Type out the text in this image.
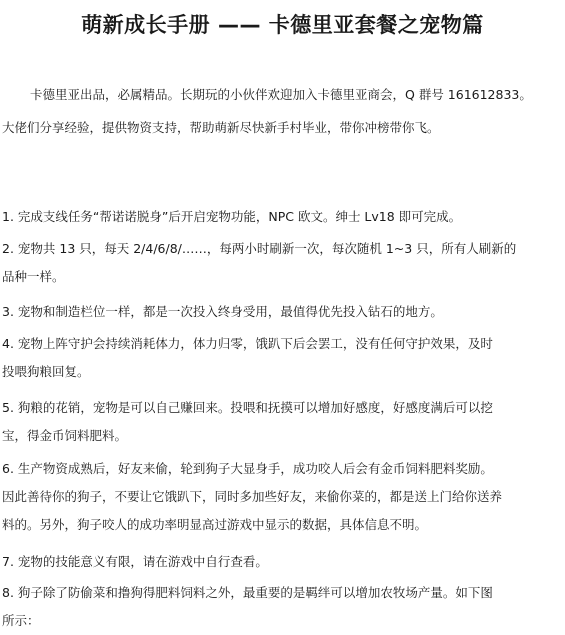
萌新成长手册 —— 卡德里亚套餐之宠物篇
卡德里亚出品，必属精品。长期玩的小伙伴欢迎加入卡德里亚商会，Q 群号 161612833。
大佬们分享经验，提供物资支持，帮助萌新尽快新手村毕业，带你冲榜带你飞。
1. 完成支线任务“帮诺诺脱身”后开启宠物功能，NPC 欧文。绅士 Lv18 即可完成。
2. 宠物共 13 只，每天 2/4/6/8/……，每两小时刷新一次，每次随机 1~3 只，所有人刷新的
品种一样。
3. 宠物和制造栏位一样，都是一次投入终身受用，最值得优先投入钻石的地方。
4. 宠物上阵守护会持续消耗体力，体力归零，饿趴下后会罢工，没有任何守护效果，及时
投喂狗粮回复。
5. 狗粮的花销，宠物是可以自己赚回来。投喂和抚摸可以增加好感度，好感度满后可以挖
宝，得金币饲料肥料。
6. 生产物资成熟后，好友来偷，轮到狗子大显身手，成功咬人后会有金币饲料肥料奖励。
因此善待你的狗子，不要让它饿趴下，同时多加些好友，来偷你菜的，都是送上门给你送养
料的。另外，狗子咬人的成功率明显高过游戏中显示的数据，具体信息不明。
7. 宠物的技能意义有限，请在游戏中自行查看。
8. 狗子除了防偷菜和撸狗得肥料饲料之外，最重要的是羁绊可以增加农牧场产量。如下图
所示：
